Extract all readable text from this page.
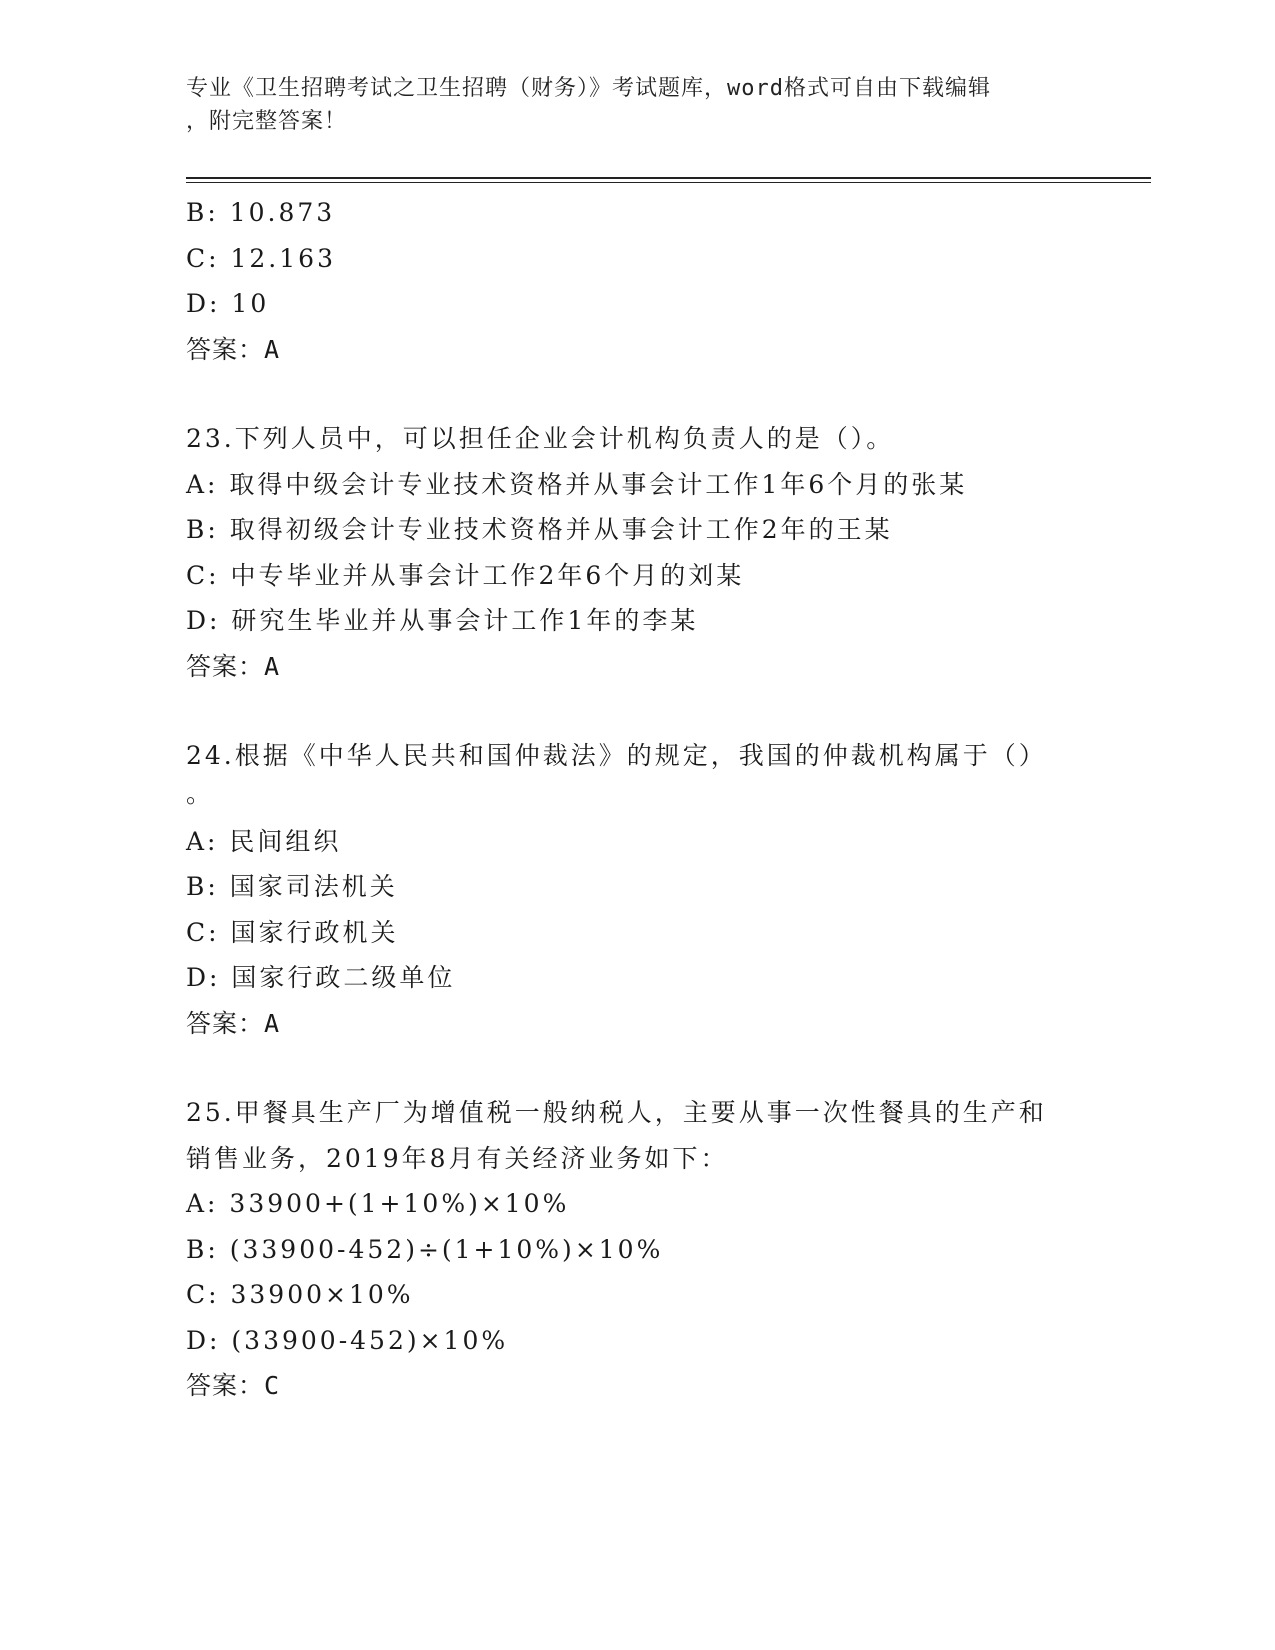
专业《卫生招聘考试之卫生招聘（财务）》考试题库，word格式可自由下载编辑
，附完整答案！
B: 10.873
C: 12.163
D: 10
答案：A
23.下列人员中，可以担任企业会计机构负责人的是（）。
A: 取得中级会计专业技术资格并从事会计工作1年6个月的张某
B: 取得初级会计专业技术资格并从事会计工作2年的王某
C: 中专毕业并从事会计工作2年6个月的刘某
D: 研究生毕业并从事会计工作1年的李某
答案：A
24.根据《中华人民共和国仲裁法》的规定，我国的仲裁机构属于（）
。
A: 民间组织
B: 国家司法机关
C: 国家行政机关
D: 国家行政二级单位
答案：A
25.甲餐具生产厂为增值税一般纳税人，主要从事一次性餐具的生产和
销售业务，2019年8月有关经济业务如下：
A: 33900+(1+10%)×10%
B: (33900-452)÷(1+10%)×10%
C: 33900×10%
D: (33900-452)×10%
答案：C
